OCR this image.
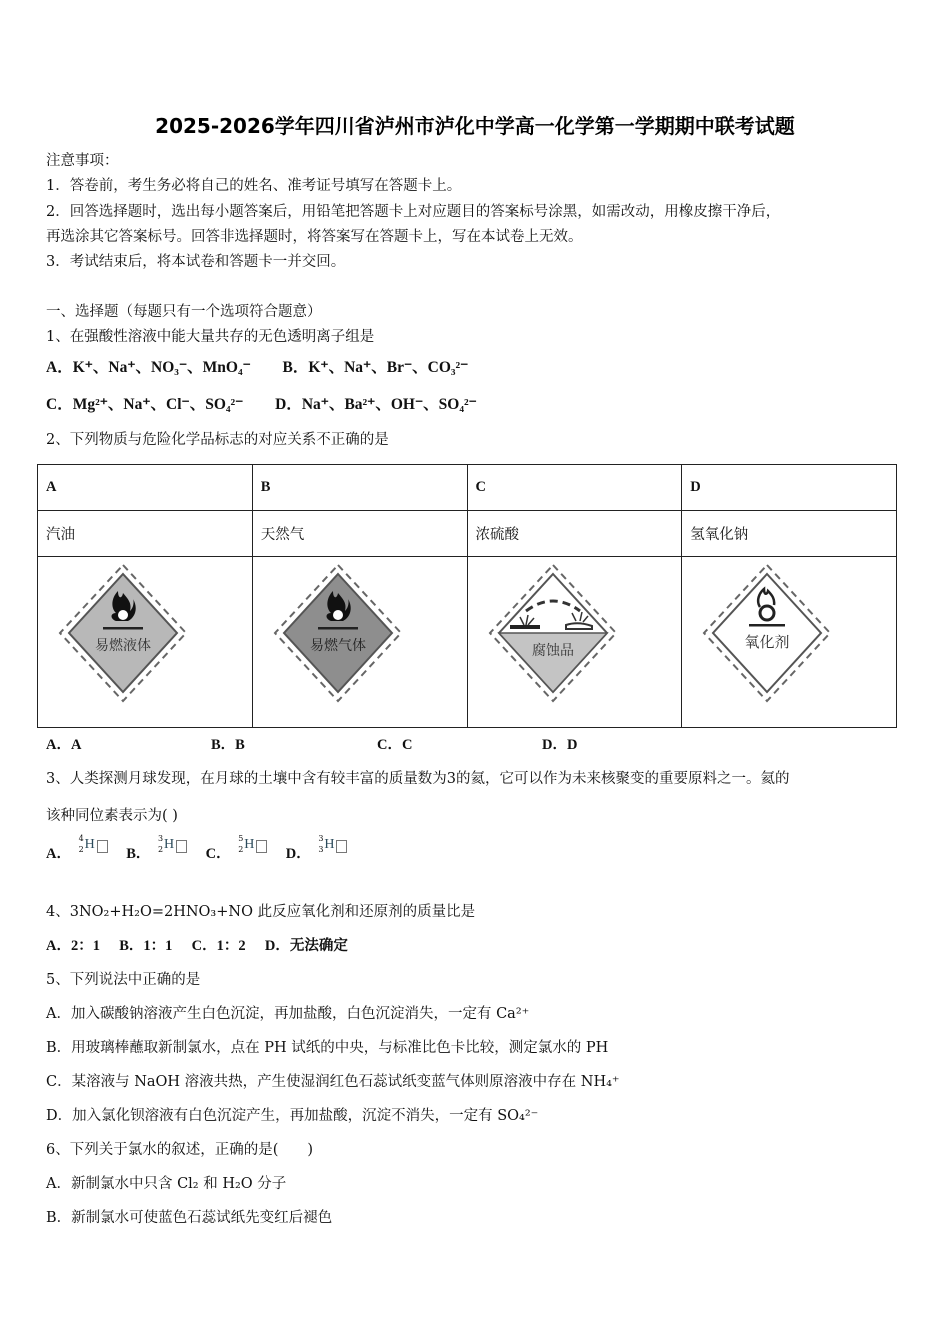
2025-2026学年四川省泸州市泸化中学高一化学第一学期期中联考试题
注意事项：
1．答卷前，考生务必将自己的姓名、准考证号填写在答题卡上。
2．回答选择题时，选出每小题答案后，用铅笔把答题卡上对应题目的答案标号涂黑，如需改动，用橡皮擦干净后，
再选涂其它答案标号。回答非选择题时，将答案写在答题卡上，写在本试卷上无效。
3．考试结束后，将本试卷和答题卡一并交回。
一、选择题（每题只有一个选项符合题意）
1、在强酸性溶液中能大量共存的无色透明离子组是
A．K⁺、Na⁺、NO₃⁻、MnO₄⁻ B．K⁺、Na⁺、Br⁻、CO₃²⁻
C．Mg²⁺、Na⁺、Cl⁻、SO₄²⁻ D．Na⁺、Ba²⁺、OH⁻、SO₄²⁻
2、下列物质与危险化学品标志的对应关系不正确的是
A	B	C	D
汽油	天然气	浓硫酸	氢氧化钠

易燃液体	易燃气体	腐蚀品	氧化剂
A．A	B．B	C．C	D．D
3、人类探测月球发现，在月球的土壤中含有较丰富的质量数为3的氦，它可以作为未来核聚变的重要原料之一。氦的
该种同位素表示为( )
A．
4
2 H
B．
3
2 H
C．
5
2 H
D．
3
3 H
4、3NO₂+H₂O=2HNO₃+NO 此反应氧化剂和还原剂的质量比是
A．2：1 B．1：1 C．1：2 D．无法确定
5、下列说法中正确的是
A．加入碳酸钠溶液产生白色沉淀，再加盐酸，白色沉淀消失，一定有 Ca²⁺
B．用玻璃棒蘸取新制氯水，点在 PH 试纸的中央，与标准比色卡比较，测定氯水的 PH
C．某溶液与 NaOH 溶液共热，产生使湿润红色石蕊试纸变蓝气体则原溶液中存在 NH₄⁺
D．加入氯化钡溶液有白色沉淀产生，再加盐酸，沉淀不消失，一定有 SO₄²⁻
6、下列关于氯水的叙述，正确的是(　　)
A．新制氯水中只含 Cl₂ 和 H₂O 分子
B．新制氯水可使蓝色石蕊试纸先变红后褪色
